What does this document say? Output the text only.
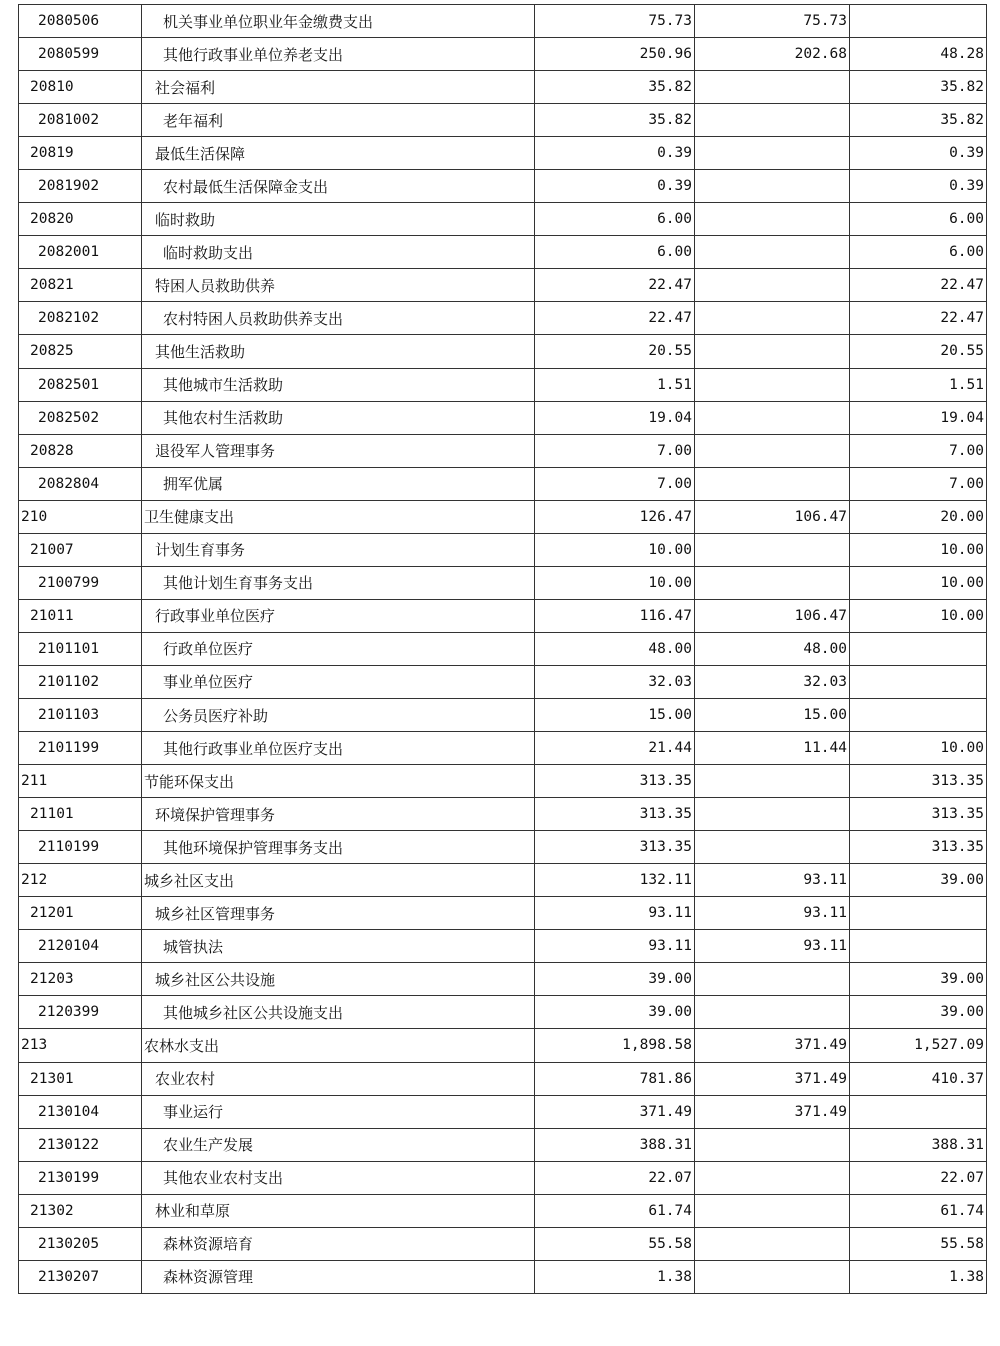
2080506	机关事业单位职业年金缴费支出	75.73	75.73	
2080599	其他行政事业单位养老支出	250.96	202.68	48.28
20810	社会福利	35.82		35.82
2081002	老年福利	35.82		35.82
20819	最低生活保障	0.39		0.39
2081902	农村最低生活保障金支出	0.39		0.39
20820	临时救助	6.00		6.00
2082001	临时救助支出	6.00		6.00
20821	特困人员救助供养	22.47		22.47
2082102	农村特困人员救助供养支出	22.47		22.47
20825	其他生活救助	20.55		20.55
2082501	其他城市生活救助	1.51		1.51
2082502	其他农村生活救助	19.04		19.04
20828	退役军人管理事务	7.00		7.00
2082804	拥军优属	7.00		7.00
210	卫生健康支出	126.47	106.47	20.00
21007	计划生育事务	10.00		10.00
2100799	其他计划生育事务支出	10.00		10.00
21011	行政事业单位医疗	116.47	106.47	10.00
2101101	行政单位医疗	48.00	48.00	
2101102	事业单位医疗	32.03	32.03	
2101103	公务员医疗补助	15.00	15.00	
2101199	其他行政事业单位医疗支出	21.44	11.44	10.00
211	节能环保支出	313.35		313.35
21101	环境保护管理事务	313.35		313.35
2110199	其他环境保护管理事务支出	313.35		313.35
212	城乡社区支出	132.11	93.11	39.00
21201	城乡社区管理事务	93.11	93.11	
2120104	城管执法	93.11	93.11	
21203	城乡社区公共设施	39.00		39.00
2120399	其他城乡社区公共设施支出	39.00		39.00
213	农林水支出	1,898.58	371.49	1,527.09
21301	农业农村	781.86	371.49	410.37
2130104	事业运行	371.49	371.49	
2130122	农业生产发展	388.31		388.31
2130199	其他农业农村支出	22.07		22.07
21302	林业和草原	61.74		61.74
2130205	森林资源培育	55.58		55.58
2130207	森林资源管理	1.38		1.38
